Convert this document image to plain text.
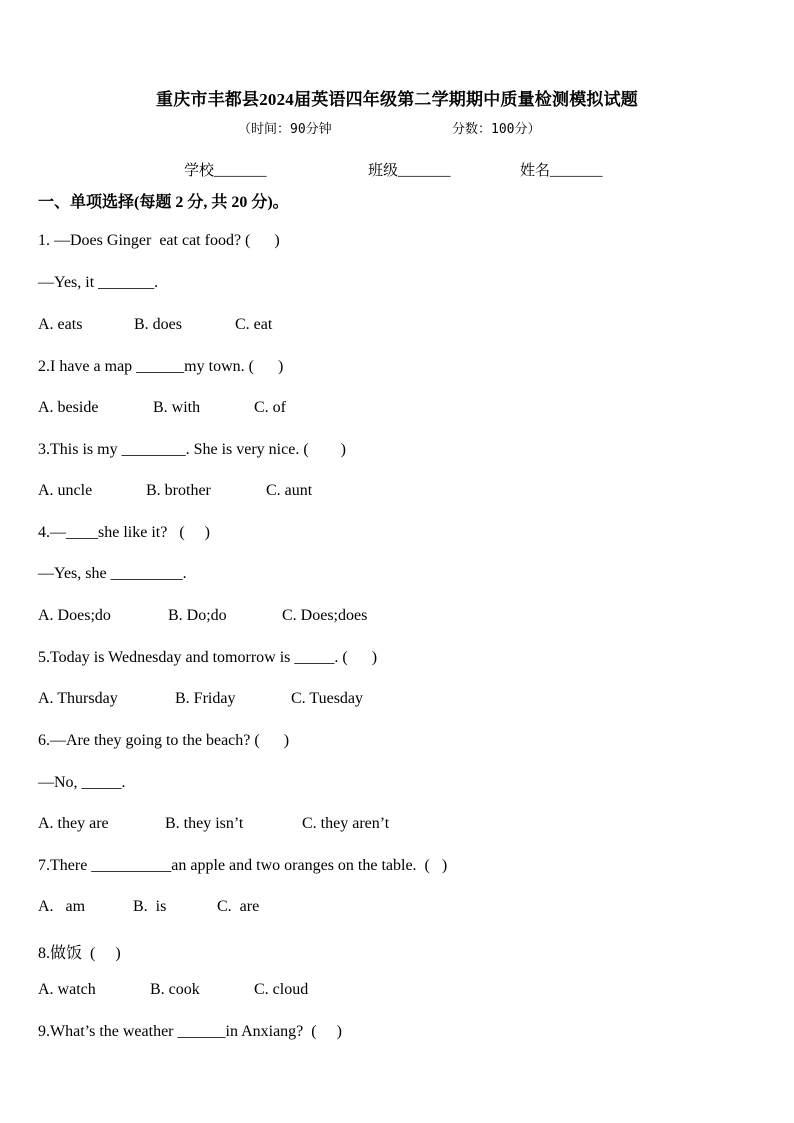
重庆市丰都县2024届英语四年级第二学期期中质量检测模拟试题
（时间：90分钟	分数：100分）
学校_______	班级_______	姓名_______
一、单项选择(每题 2 分, 共 20 分)。
1. —Does Ginger  eat cat food? (      )
—Yes, it _______.
A. eats	B. does	C. eat
2.I have a map ______my town. (      )
A. beside	B. with	C. of
3.This is my ________. She is very nice. (        )
A. uncle	B. brother	C. aunt
4.—____she like it?   (     )
—Yes, she _________.
A. Does;do	B. Do;do	C. Does;does
5.Today is Wednesday and tomorrow is _____. (      )
A. Thursday	B. Friday	C. Tuesday
6.—Are they going to the beach? (      )
—No, _____.
A. they are	B. they isn’t	C. they aren’t
7.There __________an apple and two oranges on the table.  (   )
A.   am	B.  is	C.  are
8.做饭  (     )
A. watch	B. cook	C. cloud
9.What’s the weather ______in Anxiang?  (     )
